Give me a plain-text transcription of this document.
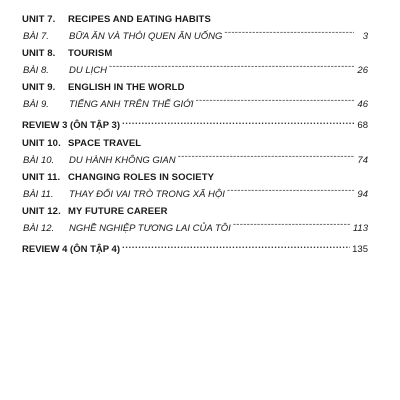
UNIT 7.	RECIPES AND EATING HABITS
BÀI 7.	BỮA ĂN VÀ THÓI QUEN ĂN UỐNG -----	3
UNIT 8.	TOURISM
BÀI 8.	DU LỊCH -----	26
UNIT 9.	ENGLISH IN THE WORLD
BÀI 9.	TIẾNG ANH TRÊN THẾ GIỚI -----	46
REVIEW 3 (ÔN TẬP 3) .....	68
UNIT 10. SPACE TRAVEL
BÀI 10.	DU HÀNH KHÔNG GIAN -----	74
UNIT 11. CHANGING ROLES IN SOCIETY
BÀI 11.	THAY ĐỔI VAI TRÒ TRONG XÃ HỘI -----	94
UNIT 12. MY FUTURE CAREER
BÀI 12.	NGHỀ NGHIỆP TƯƠNG LAI CỦA TÔI -----	113
REVIEW 4 (ÔN TẬP 4) .....	135
